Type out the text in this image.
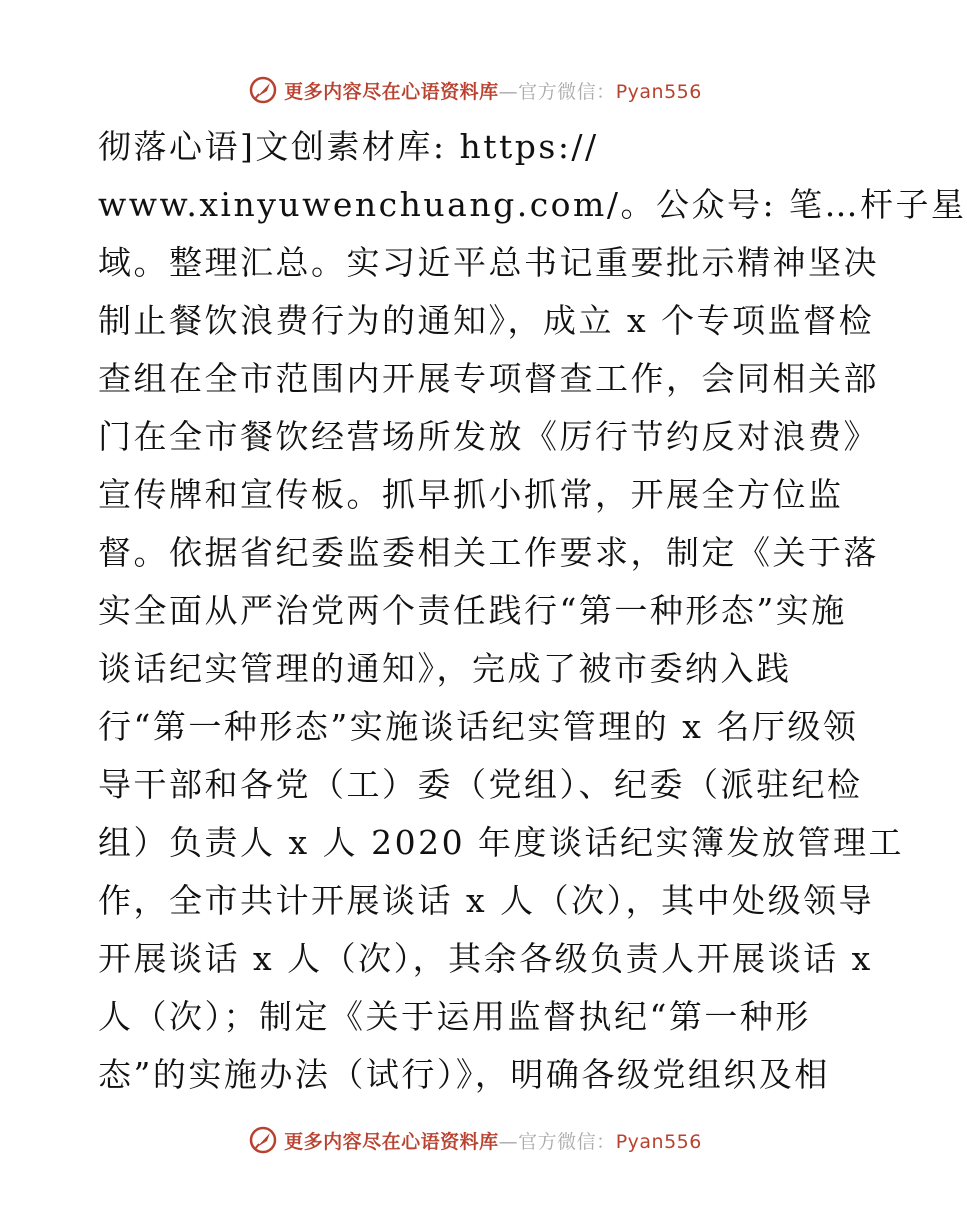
更多内容尽在心语资料库—官方微信：Pyan556
彻落心语]文创素材库: https://
www.xinyuwenchuang.com/。公众号: 笔…杆子星
域。整理汇总。实习近平总书记重要批示精神坚决
制止餐饮浪费行为的通知》，成立 x 个专项监督检
查组在全市范围内开展专项督查工作，会同相关部
门在全市餐饮经营场所发放《厉行节约反对浪费》
宣传牌和宣传板。抓早抓小抓常，开展全方位监
督。依据省纪委监委相关工作要求，制定《关于落
实全面从严治党两个责任践行“第一种形态”实施
谈话纪实管理的通知》，完成了被市委纳入践
行“第一种形态”实施谈话纪实管理的 x 名厅级领
导干部和各党（工）委（党组）、纪委（派驻纪检
组）负责人 x 人 2020 年度谈话纪实簿发放管理工
作，全市共计开展谈话 x 人（次），其中处级领导
开展谈话 x 人（次），其余各级负责人开展谈话 x
人（次）；制定《关于运用监督执纪“第一种形
态”的实施办法（试行）》，明确各级党组织及相
更多内容尽在心语资料库—官方微信：Pyan556
